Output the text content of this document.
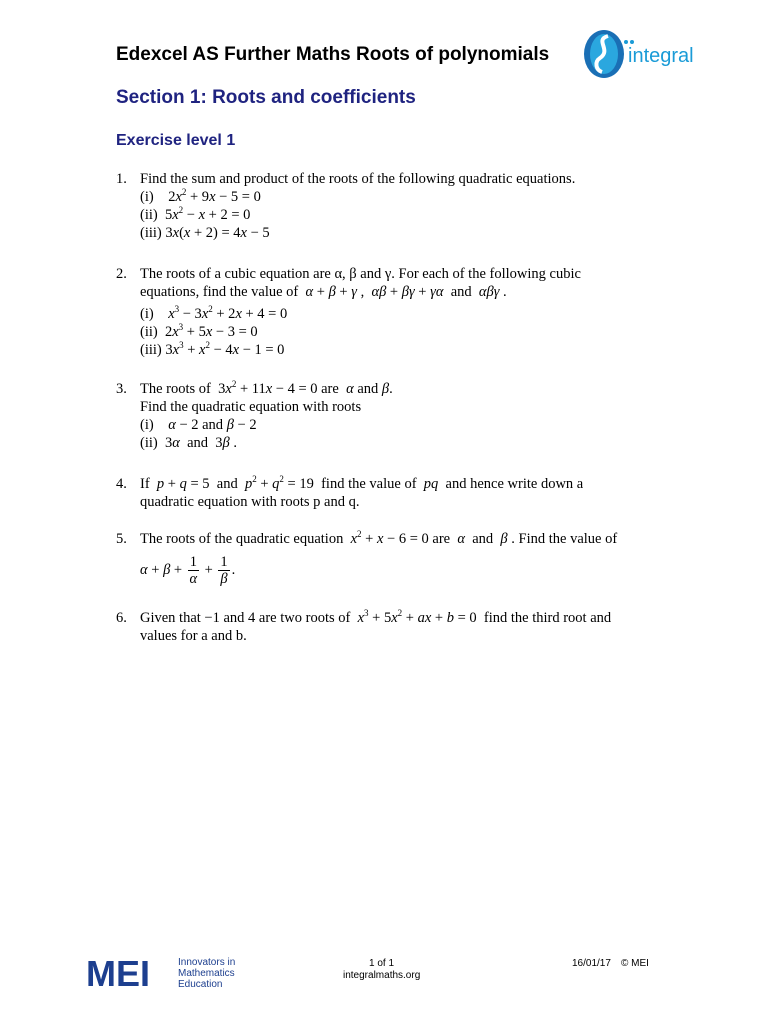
Edexcel AS Further Maths Roots of polynomials	integral
Section 1: Roots and coefficients
Exercise level 1
1. Find the sum and product of the roots of the following quadratic equations.
(i)    $2x^2 + 9x - 5 = 0$
(ii)  $5x^2 - x + 2 = 0$
(iii) 3x(x + 2) = 4x − 5
2. The roots of a cubic equation are α, β and γ. For each of the following cubic
equations, find the value of α + β + γ ,  αβ + βγ + γα  and  αβγ .
(i) $x^3 - 3x^2 + 2x + 4 = 0$
(ii)  $2x^3 + 5x - 3 = 0$
(iii) $3x^3 + x^2 - 4x - 1 = 0$
3. The roots of  $3x^2 + 11x - 4 = 0$ are  α and β.
Find the quadratic equation with roots
(i) α − 2 and β − 2
(ii)  3α  and  3β .
4. If  p + q = 5  and  $p^2 + q^2 = 19$  find the value of  pq  and hence write down a
quadratic equation with roots p and q.
5. The roots of the quadratic equation $x^2 + x - 6 = 0$ are  α  and  β . Find the value of
$\alpha + \beta + \frac{1}{\alpha} + \frac{1}{\beta}$ .
6. Given that −1 and 4 are two roots of $x^3 + 5x^2$ + ax + b = 0  find the third root and
values for a and b.
MEI	Innovators in
Mathematics
Education
1 of 1
integralmaths.org
16/01/17 © MEI
